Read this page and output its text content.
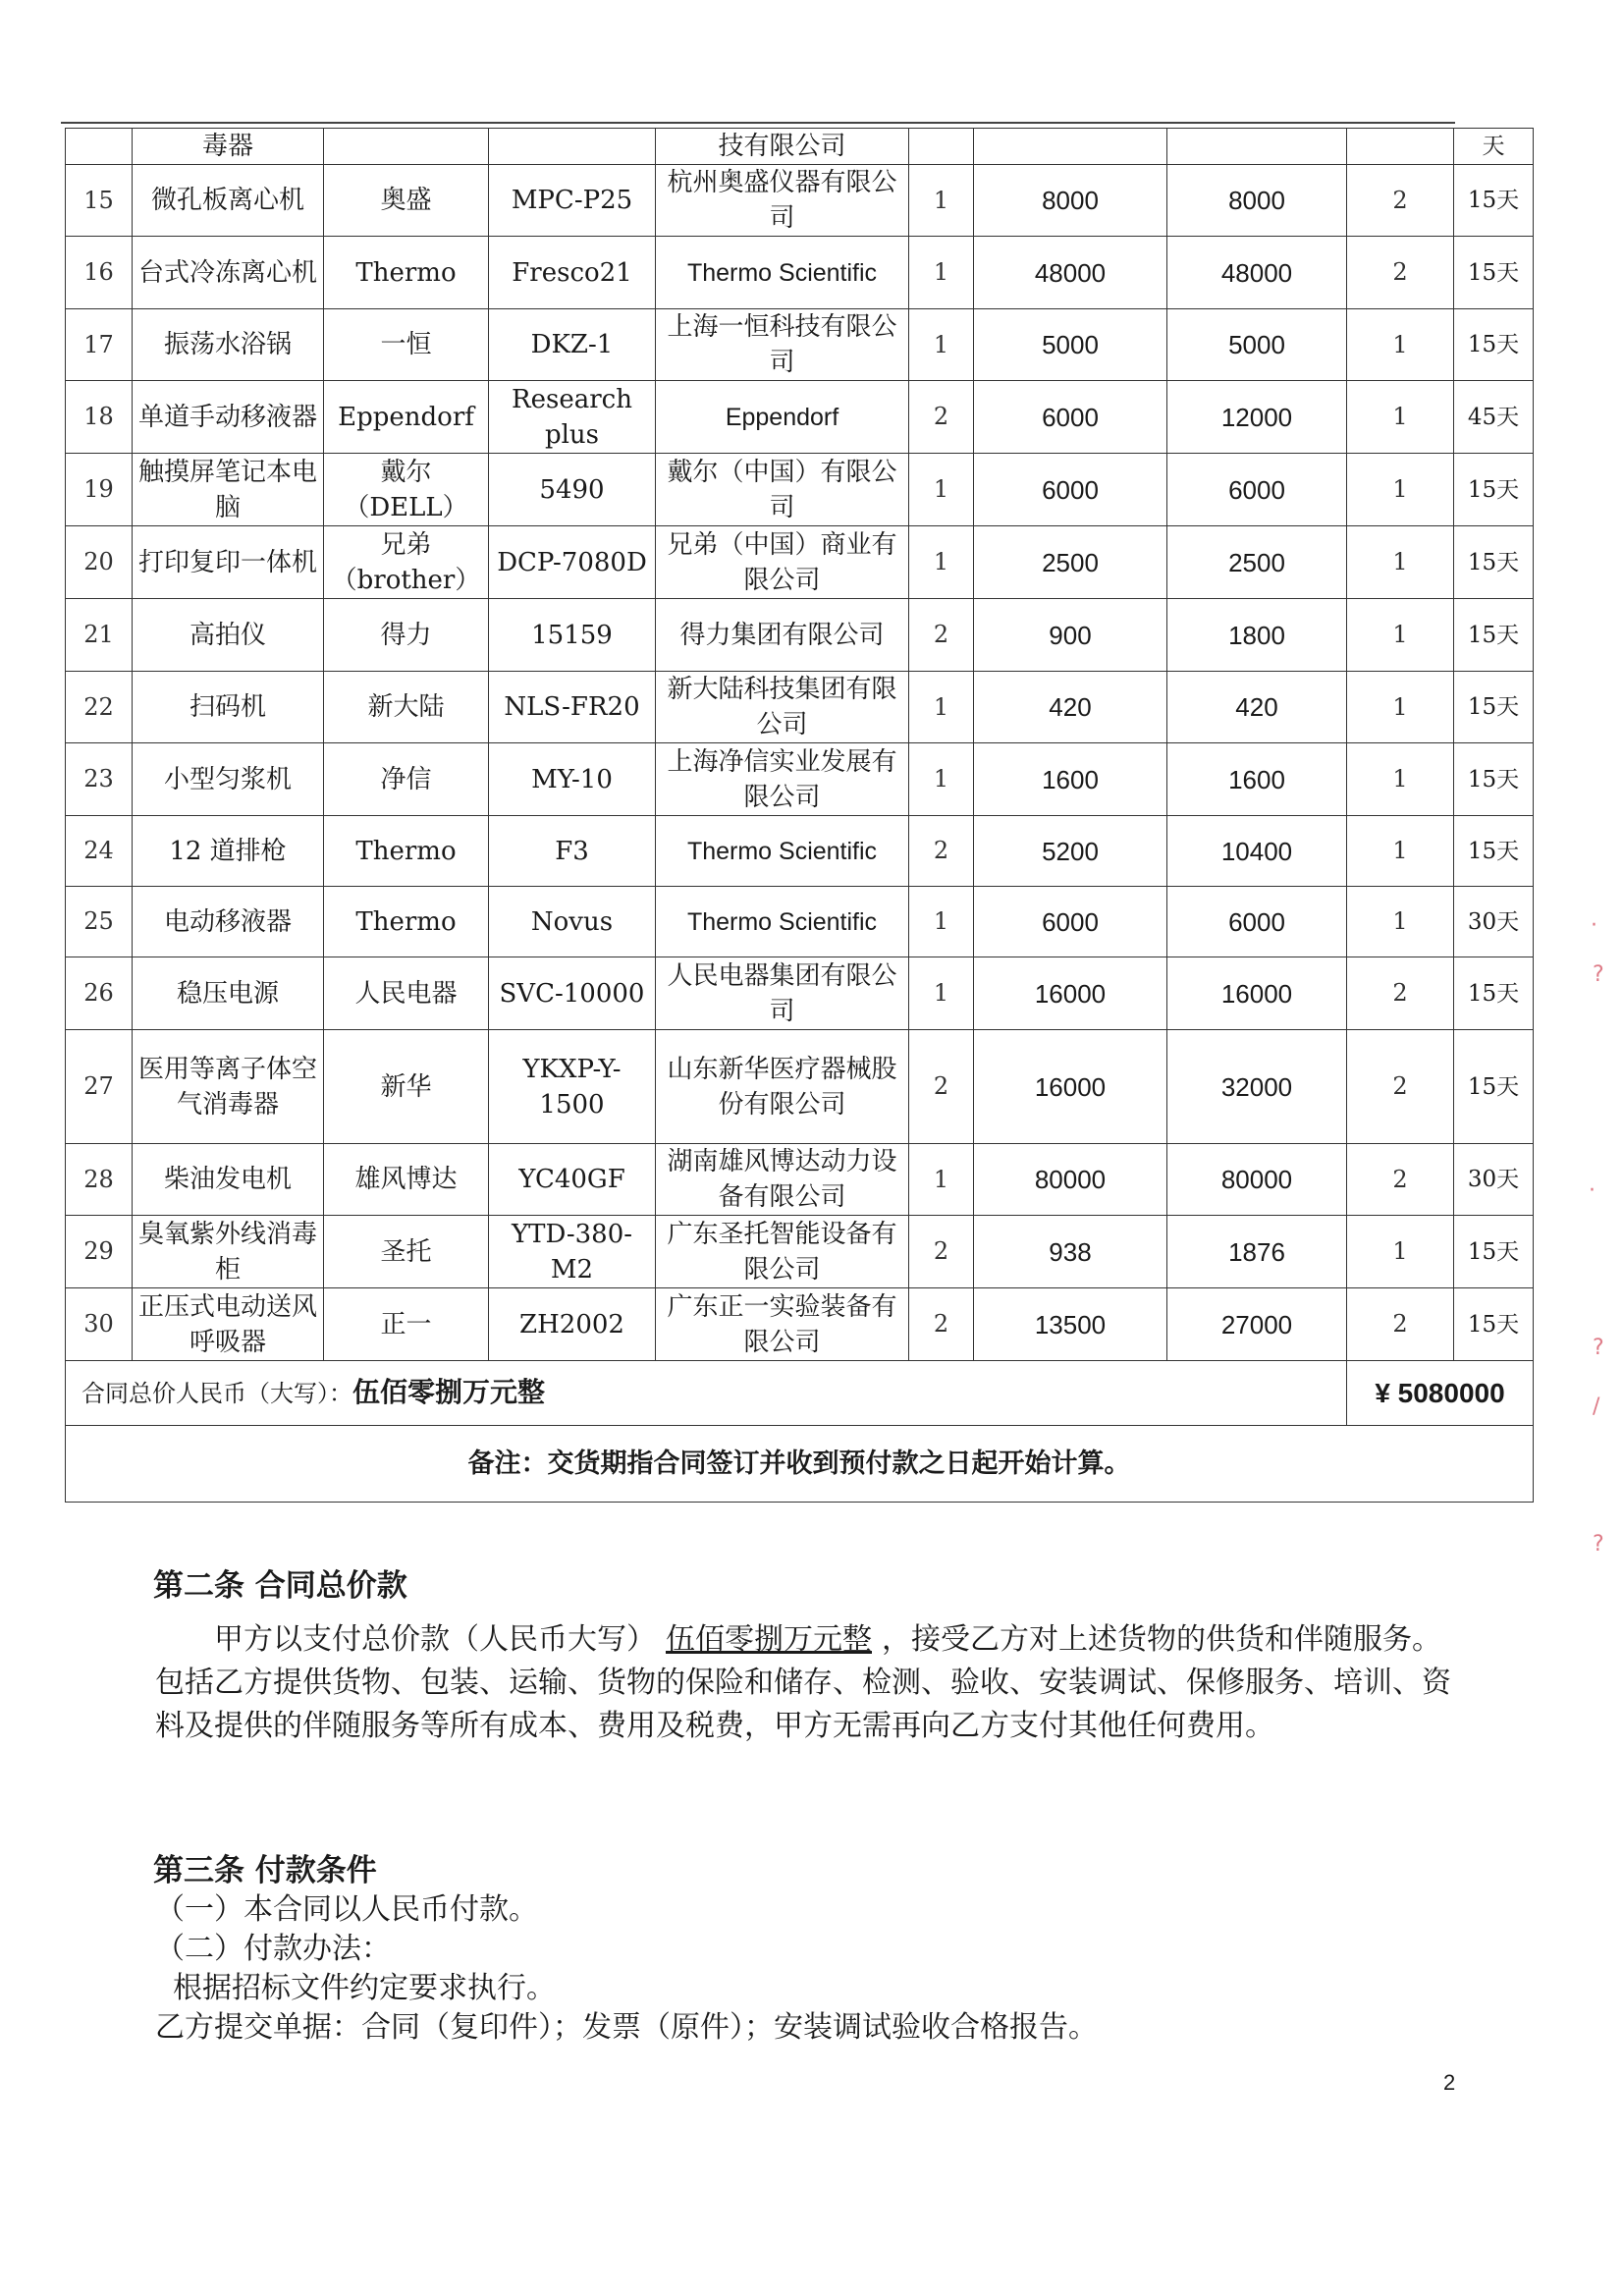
	毒器			技有限公司					天
15	微孔板离心机	奥盛	MPC-P25	杭州奥盛仪器有限公司	1	8000	8000	2	15天
16	台式冷冻离心机	Thermo	Fresco21	Thermo Scientific	1	48000	48000	2	15天
17	振荡水浴锅	一恒	DKZ-1	上海一恒科技有限公司	1	5000	5000	1	15天
18	单道手动移液器	Eppendorf	Research plus	Eppendorf	2	6000	12000	1	45天
19	触摸屏笔记本电脑	戴尔（DELL）	5490	戴尔（中国）有限公司	1	6000	6000	1	15天
20	打印复印一体机	兄弟（brother）	DCP-7080D	兄弟（中国）商业有限公司	1	2500	2500	1	15天
21	高拍仪	得力	15159	得力集团有限公司	2	900	1800	1	15天
22	扫码机	新大陆	NLS-FR20	新大陆科技集团有限公司	1	420	420	1	15天
23	小型匀浆机	净信	MY-10	上海净信实业发展有限公司	1	1600	1600	1	15天
24	12 道排枪	Thermo	F3	Thermo Scientific	2	5200	10400	1	15天
25	电动移液器	Thermo	Novus	Thermo Scientific	1	6000	6000	1	30天
26	稳压电源	人民电器	SVC-10000	人民电器集团有限公司	1	16000	16000	2	15天
27	医用等离子体空气消毒器	新华	YKXP-Y-1500	山东新华医疗器械股份有限公司	2	16000	32000	2	15天
28	柴油发电机	雄风博达	YC40GF	湖南雄风博达动力设备有限公司	1	80000	80000	2	30天
29	臭氧紫外线消毒柜	圣托	YTD-380-M2	广东圣托智能设备有限公司	2	938	1876	1	15天
30	正压式电动送风呼吸器	正一	ZH2002	广东正一实验装备有限公司	2	13500	27000	2	15天
合同总价人民币（大写）：伍佰零捌万元整								¥ 5080000	
备注：交货期指合同签订并收到预付款之日起开始计算。									
第二条 合同总价款
甲方以支付总价款（人民币大写） 伍佰零捌万元整 ，接受乙方对上述货物的供货和伴随服务。包括乙方提供货物、包装、运输、货物的保险和储存、检测、验收、安装调试、保修服务、培训、资料及提供的伴随服务等所有成本、费用及税费，甲方无需再向乙方支付其他任何费用。
第三条 付款条件
（一）本合同以人民币付款。
（二）付款办法：
根据招标文件约定要求执行。
乙方提交单据：合同（复印件）；发票（原件）；安装调试验收合格报告。
2
·
?
·
?
/
?
